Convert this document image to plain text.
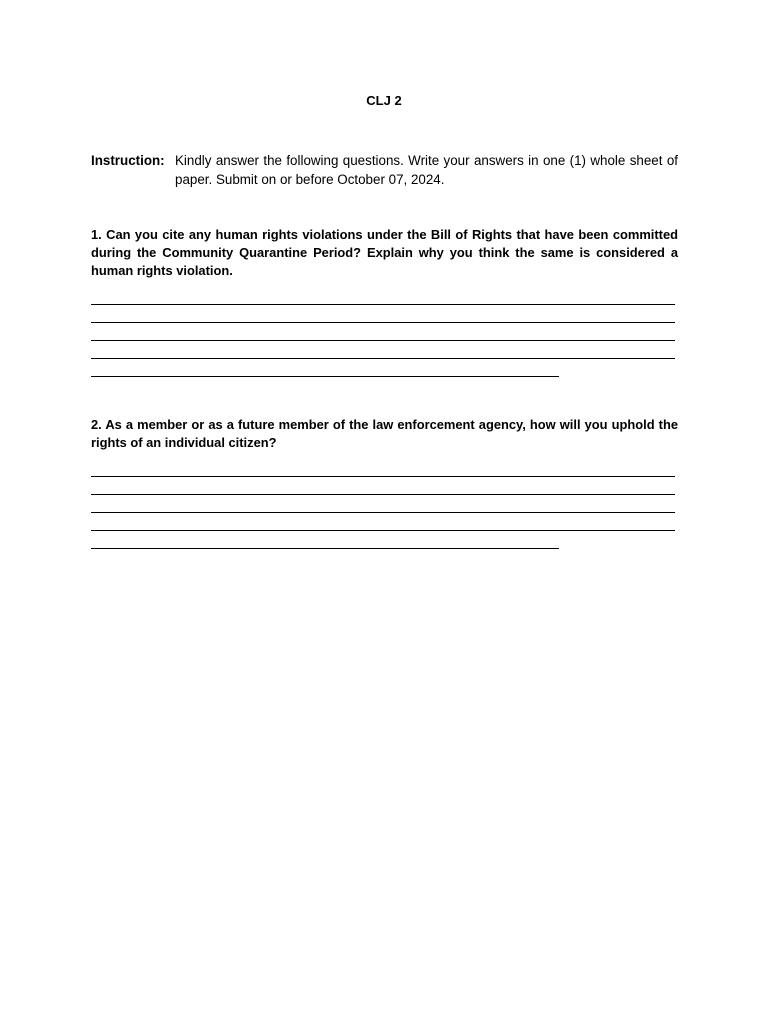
CLJ 2
Instruction: Kindly answer the following questions. Write your answers in one (1) whole sheet of paper. Submit on or before October 07, 2024.
1. Can you cite any human rights violations under the Bill of Rights that have been committed during the Community Quarantine Period? Explain why you think the same is considered a human rights violation.
2. As a member or as a future member of the law enforcement agency, how will you uphold the rights of an individual citizen?
